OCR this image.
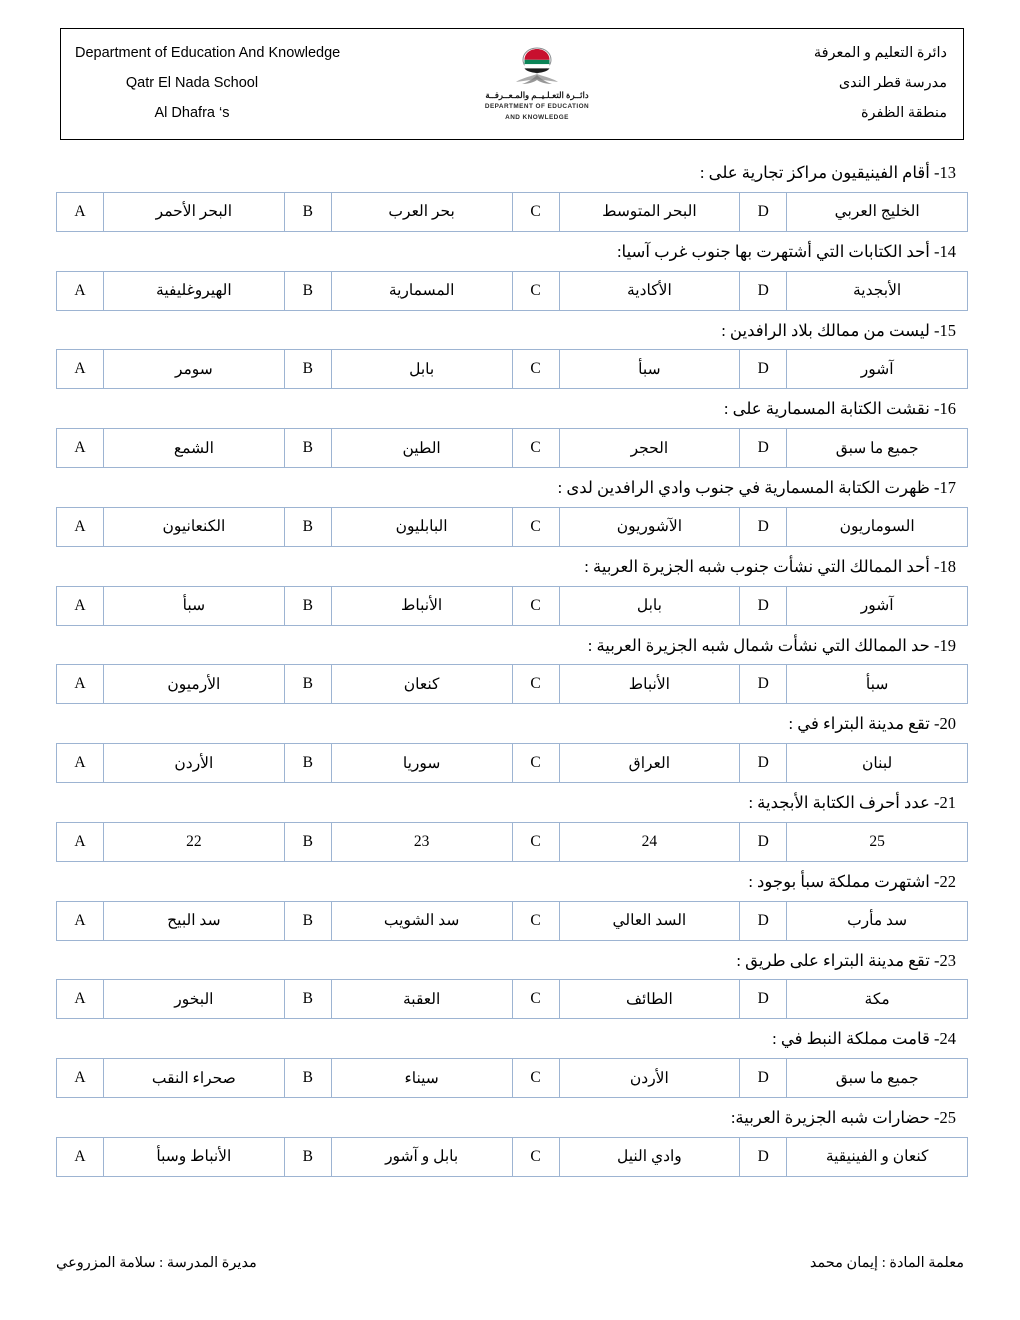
دائرة التعليم و المعرفة
مدرسة قطر الندى
منطقة الظفرة
دائــرة التعـلـيــم والمـعــرفــة
DEPARTMENT OF EDUCATION
AND KNOWLEDGE
Department of Education And Knowledge
Qatr El Nada School
Al Dhafra ‘s
13- أقام الفينيقيون مراكز تجارية على :
الخليج العربي	D	البحر المتوسط	C	بحر العرب	B	البحر الأحمر	A
14- أحد الكتابات التي أشتهرت بها جنوب غرب آسيا:
الأبجدية	D	الأكادية	C	المسمارية	B	الهيروغليفية	A
15- ليست من ممالك بلاد الرافدين :
آشور	D	سبأ	C	بابل	B	سومر	A
16- نقشت الكتابة المسمارية على :
جميع ما سبق	D	الحجر	C	الطين	B	الشمع	A
17- ظهرت الكتابة المسمارية في جنوب وادي الرافدين لدى :
السوماريون	D	الآشوريون	C	البابليون	B	الكنعانيون	A
18- أحد الممالك التي نشأت جنوب شبه الجزيرة العربية :
آشور	D	بابل	C	الأنباط	B	سبأ	A
19- حد الممالك التي نشأت شمال شبه الجزيرة العربية :
سبأ	D	الأنباط	C	كنعان	B	الأرميون	A
20- تقع مدينة البتراء في :
لبنان	D	العراق	C	سوريا	B	الأردن	A
21- عدد أحرف الكتابة الأبجدية :
25	D	24	C	23	B	22	A
22- اشتهرت مملكة سبأ بوجود :
سد مأرب	D	السد العالي	C	سد الشويب	B	سد البيح	A
23- تقع مدينة البتراء على طريق :
مكة	D	الطائف	C	العقبة	B	البخور	A
24- قامت مملكة النبط في :
جميع ما سبق	D	الأردن	C	سيناء	B	صحراء النقب	A
25- حضارات شبه الجزيرة العربية:
كنعان و الفينيقية	D	وادي النيل	C	بابل و آشور	B	الأنباط وسبأ	A
معلمة المادة : إيمان محمد
مديرة المدرسة : سلامة المزروعي
